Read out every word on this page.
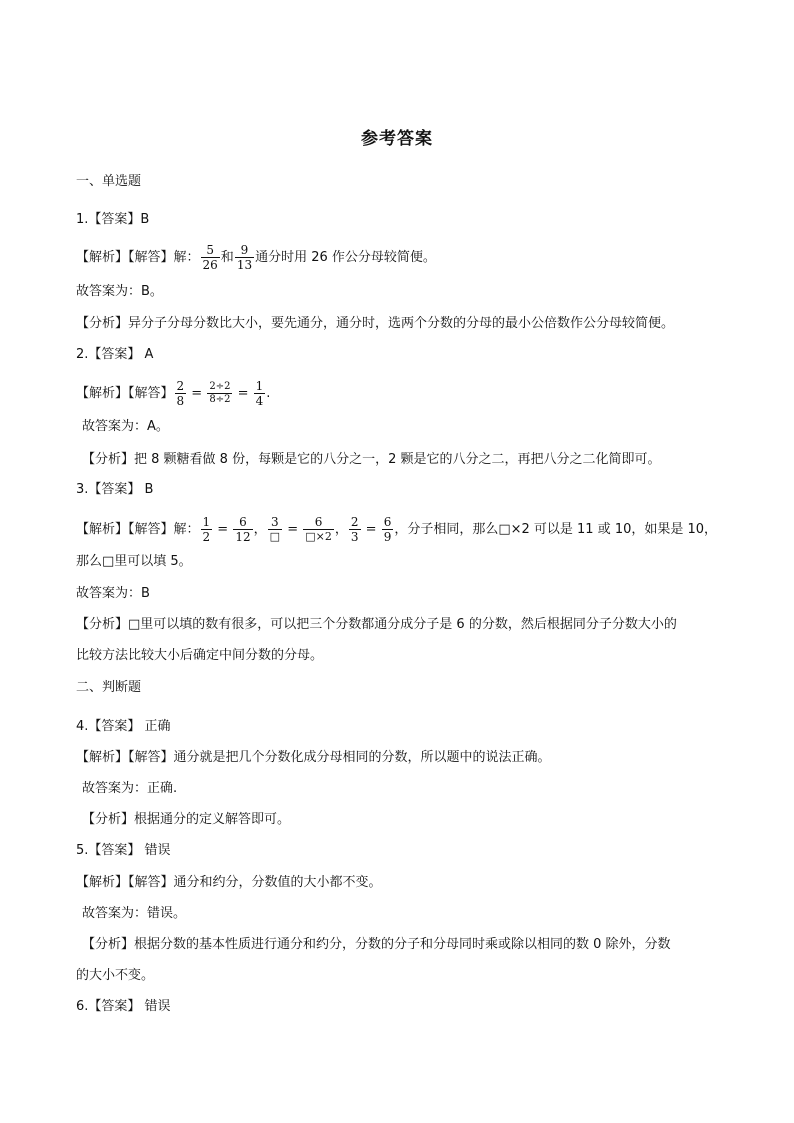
参考答案
一、单选题
1.【答案】B
【解析】【解答】解： $\frac{5}{26}$ 和 $\frac{9}{13}$ 通分时用 26 作公分母较简便。
故答案为：B。
【分析】异分子分母分数比大小，要先通分，通分时，选两个分数的分母的最小公倍数作公分母较简便。
2.【答案】 A
【解析】【解答】 $\frac{2}{8} = \frac{2\div 2}{8\div 2} = \frac{1}{4}$ .
故答案为：A。
【分析】把 8 颗糖看做 8 份，每颗是它的八分之一，2 颗是它的八分之二，再把八分之二化简即可。
3.【答案】 B
【解析】【解答】解： $\frac{1}{2} = \frac{6}{12}$ ， $\frac{3}{□} = \frac{6}{□\times 2}$ ， $\frac{2}{3} = \frac{6}{9}$ ，分子相同，那么□×2 可以是 11 或 10，如果是 10，
那么□里可以填 5。
故答案为：B
【分析】□里可以填的数有很多，可以把三个分数都通分成分子是 6 的分数，然后根据同分子分数大小的
比较方法比较大小后确定中间分数的分母。
二、判断题
4.【答案】 正确
【解析】【解答】通分就是把几个分数化成分母相同的分数，所以题中的说法正确。
故答案为：正确.
【分析】根据通分的定义解答即可。
5.【答案】 错误
【解析】【解答】通分和约分，分数值的大小都不变。
故答案为：错误。
【分析】根据分数的基本性质进行通分和约分，分数的分子和分母同时乘或除以相同的数 0 除外，分数
的大小不变。
6.【答案】 错误
